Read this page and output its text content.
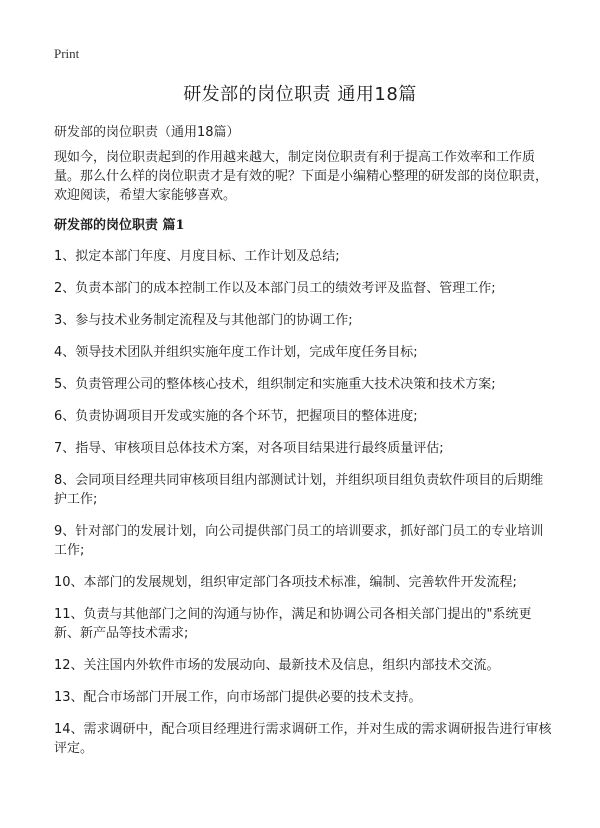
Print
研发部的岗位职责 通用18篇
研发部的岗位职责（通用18篇）

现如今，岗位职责起到的作用越来越大，制定岗位职责有利于提高工作效率和工作质量。那么什么样的岗位职责才是有效的呢？下面是小编精心整理的研发部的岗位职责，欢迎阅读，希望大家能够喜欢。

研发部的岗位职责 篇1
1、拟定本部门年度、月度目标、工作计划及总结;
2、负责本部门的成本控制工作以及本部门员工的绩效考评及监督、管理工作;
3、参与技术业务制定流程及与其他部门的协调工作;
4、领导技术团队并组织实施年度工作计划，完成年度任务目标;
5、负责管理公司的整体核心技术，组织制定和实施重大技术决策和技术方案;
6、负责协调项目开发或实施的各个环节，把握项目的整体进度;
7、指导、审核项目总体技术方案，对各项目结果进行最终质量评估;
8、会同项目经理共同审核项目组内部测试计划，并组织项目组负责软件项目的后期维护工作;
9、针对部门的发展计划，向公司提供部门员工的培训要求，抓好部门员工的专业培训工作;
10、本部门的发展规划，组织审定部门各项技术标准，编制、完善软件开发流程;
11、负责与其他部门之间的沟通与协作，满足和协调公司各相关部门提出的"系统更新、新产品等技术需求;
12、关注国内外软件市场的发展动向、最新技术及信息，组织内部技术交流。
13、配合市场部门开展工作，向市场部门提供必要的技术支持。
14、需求调研中，配合项目经理进行需求调研工作，并对生成的需求调研报告进行审核评定。
